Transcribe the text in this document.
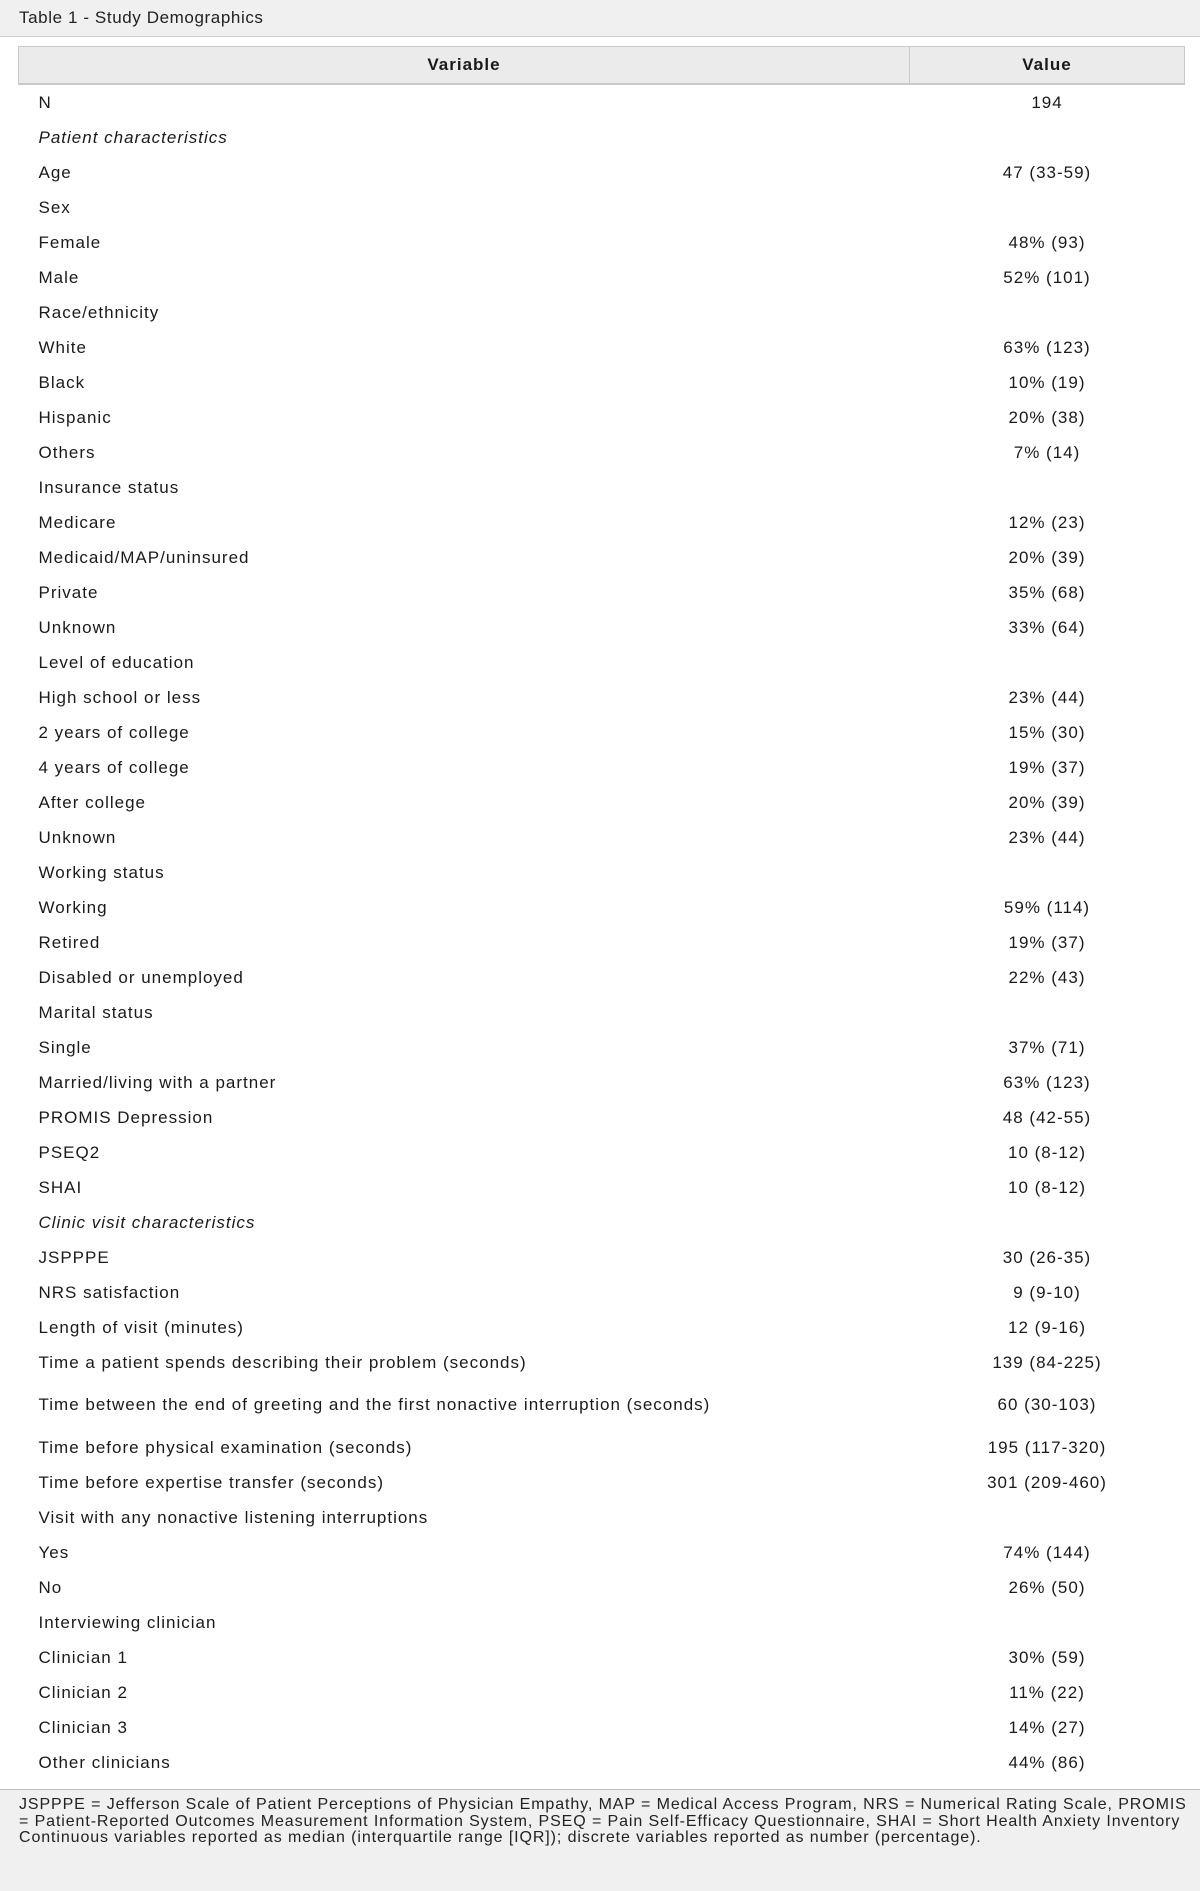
Table 1 - Study Demographics
Variable	Value
N	194
Patient characteristics	
Age	47 (33-59)
Sex	
Female	48% (93)
Male	52% (101)
Race/ethnicity	
White	63% (123)
Black	10% (19)
Hispanic	20% (38)
Others	7% (14)
Insurance status	
Medicare	12% (23)
Medicaid/MAP/uninsured	20% (39)
Private	35% (68)
Unknown	33% (64)
Level of education	
High school or less	23% (44)
2 years of college	15% (30)
4 years of college	19% (37)
After college	20% (39)
Unknown	23% (44)
Working status	
Working	59% (114)
Retired	19% (37)
Disabled or unemployed	22% (43)
Marital status	
Single	37% (71)
Married/living with a partner	63% (123)
PROMIS Depression	48 (42-55)
PSEQ2	10 (8-12)
SHAI	10 (8-12)
Clinic visit characteristics	
JSPPPE	30 (26-35)
NRS satisfaction	9 (9-10)
Length of visit (minutes)	12 (9-16)
Time a patient spends describing their problem (seconds)	139 (84-225)
Time between the end of greeting and the first nonactive interruption (seconds)	60 (30-103)
Time before physical examination (seconds)	195 (117-320)
Time before expertise transfer (seconds)	301 (209-460)
Visit with any nonactive listening interruptions	
Yes	74% (144)
No	26% (50)
Interviewing clinician	
Clinician 1	30% (59)
Clinician 2	11% (22)
Clinician 3	14% (27)
Other clinicians	44% (86)
JSPPPE = Jefferson Scale of Patient Perceptions of Physician Empathy, MAP = Medical Access Program, NRS = Numerical Rating Scale, PROMIS = Patient-Reported Outcomes Measurement Information System, PSEQ = Pain Self-Efficacy Questionnaire, SHAI = Short Health Anxiety Inventory
Continuous variables reported as median (interquartile range [IQR]); discrete variables reported as number (percentage).
